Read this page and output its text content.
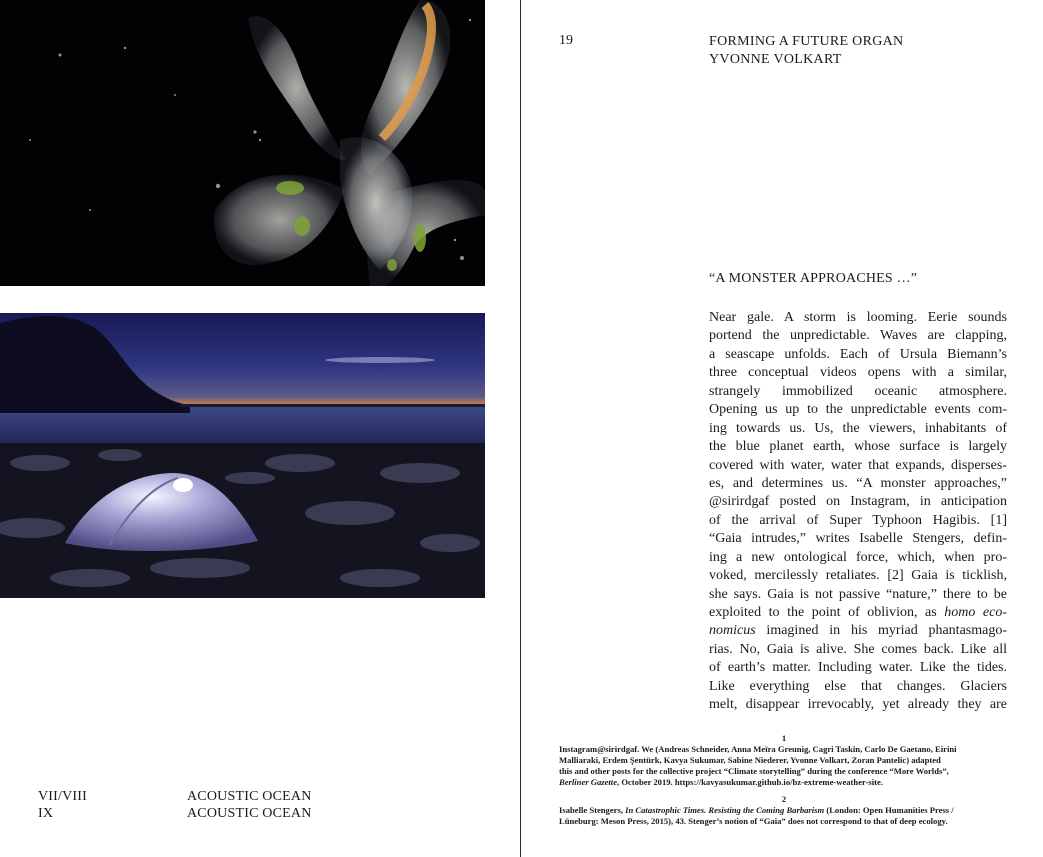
VII/VIII	ACOUSTIC OCEAN
IX	ACOUSTIC OCEAN
19	FORMING A FUTURE ORGAN
YVONNE VOLKART
“A MONSTER APPROACHES …”
Near gale. A storm is looming. Eerie sounds
portend the unpredictable. Waves are clapping,
a seascape unfolds. Each of Ursula Biemann’s
three conceptual videos opens with a similar,
strangely immobilized oceanic atmosphere.
Opening us up to the unpredictable events com-
ing towards us. Us, the viewers, inhabitants of
the blue planet earth, whose surface is largely
covered with water, water that expands, disperses-
es, and determines us. “A monster approaches,”
@sirirdgaf posted on Instagram, in anticipation
of the arrival of Super Typhoon Hagibis. [1]
“Gaia intrudes,” writes Isabelle Stengers, defin-
ing a new ontological force, which, when pro-
voked, mercilessly retaliates. [2] Gaia is ticklish,
she says. Gaia is not passive “nature,” there to be
exploited to the point of oblivion, as homo eco-
nomicus imagined in his myriad phantasmago-
rias. No, Gaia is alive. She comes back. Like all
of earth’s matter. Including water. Like the tides.
Like everything else that changes. Glaciers
melt, disappear irrevocably, yet already they are
1
Instagram@sirirdgaf. We (Andreas Schneider, Anna Meïra Greunig, Cagri Taskin, Carlo De Gaetano, Eirini
Malliaraki, Erdem Şentürk, Kavya Sukumar, Sabine Niederer, Yvonne Volkart, Zoran Pantelic) adapted
this and other posts for the collective project “Climate storytelling” during the conference “More Worlds”,
Berliner Gazette, October 2019. https://kavyasukumar.github.io/bz-extreme-weather-site.
2
Isabelle Stengers, In Catastrophic Times. Resisting the Coming Barbarism (London: Open Humanities Press /
Lüneburg: Meson Press, 2015), 43. Stenger’s notion of “Gaia” does not correspond to that of deep ecology.
